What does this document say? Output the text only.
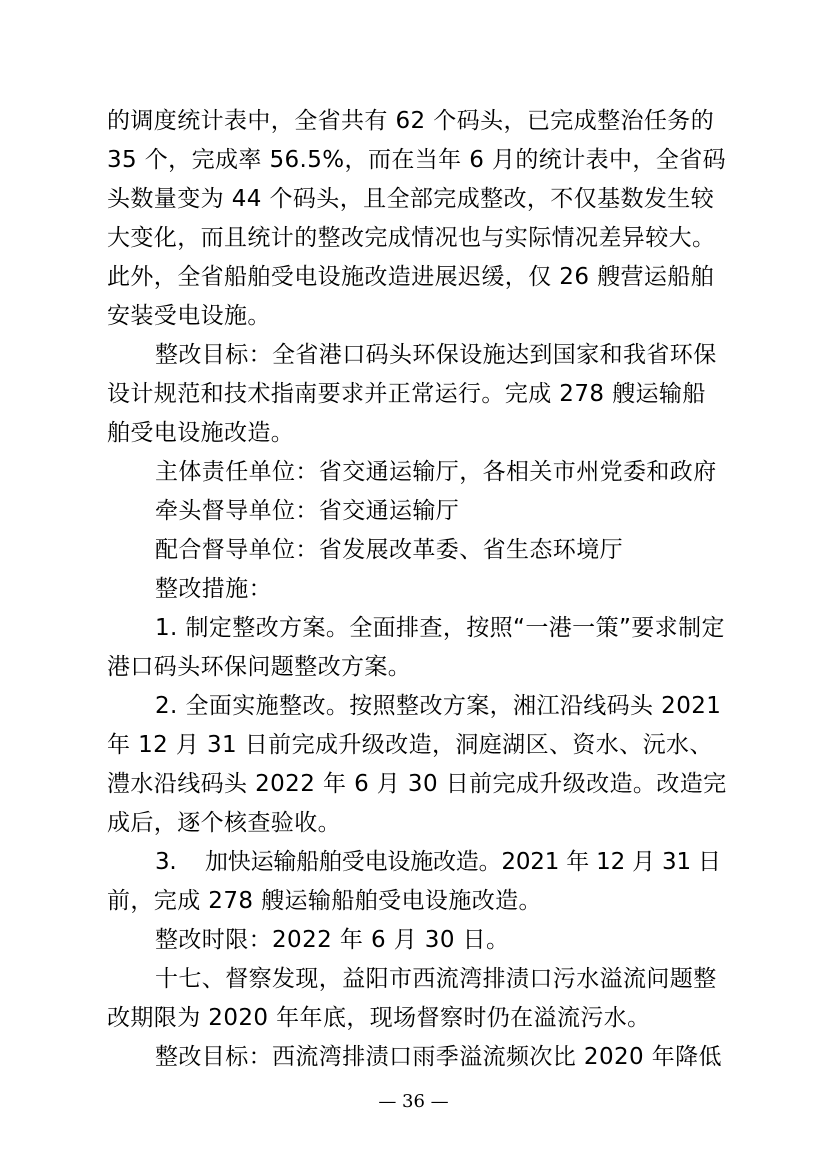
的调度统计表中，全省共有 62 个码头，已完成整治任务的
35 个，完成率 56.5%，而在当年 6 月的统计表中，全省码
头数量变为 44 个码头，且全部完成整改，不仅基数发生较
大变化，而且统计的整改完成情况也与实际情况差异较大。
此外，全省船舶受电设施改造进展迟缓，仅 26 艘营运船舶
安装受电设施。
整改目标：全省港口码头环保设施达到国家和我省环保
设计规范和技术指南要求并正常运行。完成 278 艘运输船
舶受电设施改造。
主体责任单位：省交通运输厅，各相关市州党委和政府
牵头督导单位：省交通运输厅
配合督导单位：省发展改革委、省生态环境厅
整改措施：
1. 制定整改方案。全面排查，按照“一港一策”要求制定
港口码头环保问题整改方案。
2. 全面实施整改。按照整改方案，湘江沿线码头 2021
年 12 月 31 日前完成升级改造，洞庭湖区、资水、沅水、
澧水沿线码头 2022 年 6 月 30 日前完成升级改造。改造完
成后，逐个核查验收。
3.    加快运输船舶受电设施改造。2021 年 12 月 31 日
前，完成 278 艘运输船舶受电设施改造。
整改时限：2022 年 6 月 30 日。
十七、督察发现，益阳市西流湾排渍口污水溢流问题整
改期限为 2020 年年底，现场督察时仍在溢流污水。
整改目标：西流湾排渍口雨季溢流频次比 2020 年降低
— 36 —
